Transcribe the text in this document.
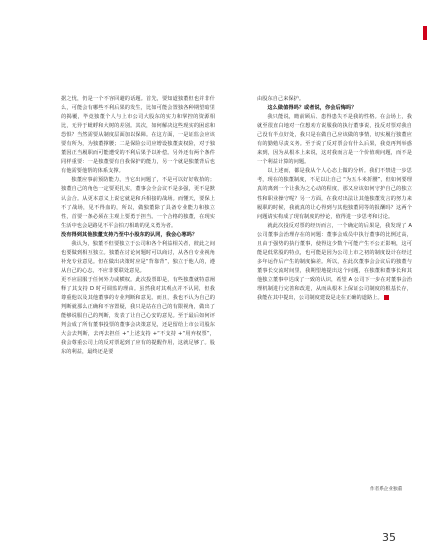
据之忧，仍是一个不容回避的话题。首先，要知道独董但也并非什么，可能会有哪些不利后果的发生，比如可能会置独各种期望暗里的揭覆，毕竟独董个人与上市公司大股东的实力和掌控的资源相比，无异于蚍蜉和大树的差别。其次，如何解决这些现实的困虑和恐惧？当然需要从制度层面加以保障。在这方面，一是证监会应该要有所为，为独董撑腰；二是保险公司应增设独董责权险，对于独董因正当履职而可能遭受的不利后果予以补偿。另外还有两个条件同样重要：一是独董要有自我保护的能力，另一个就是独董背后也有他需要他帮的体系支撑。

独董应事前预防能力，当它出问题了，不是可以好好收拾的；独董自己的角色一定要更扎实，董事会全会议不是多强，更不是默认会合。从更本意义上说它就是和兵相接的战场。而懂天，要保上不了战场，见不得血的，所以，做独董除了具备专业能力和独立性，首要一条必须在主观上要勇于担当。一个合格的独董，在现实生活中也会是路见不平会拍刀相助的见义勇为者。

没有得到其他独董支持乃至中小股东的认同，我会心寒吗？

我认为，独董不但要独立于公司和各个利益相关者，彼此之间也要做到相互独立。独董在讨论问题时可以商讨，从各自专业视角补充专业意见。但在做出决策时应是“背靠背”，独立于他人的，遵从自己的心志，不应非要联处意见。

更不应屈服于任何外力或横权。此次投票即是，有些独董就特意阐释了其支持 D 时可调监的理由。虽然我对其观点并不认同，但我尊重他以及其他董事的专业判断和意见。而且，我也不认为自己的判断就那么正确和不容置疑，我只是站在自己的有限视角，做出了能够说服自己的判断，发表了让自己心安的意见。至于最后如何评判会成了所有董事投票的董事会决策意见，还是留给上市公司股东大会去判断，去再去担任 +“上述支持 +“不支持 +“用弃权票”，我会尊重公司上的反对票起到了应有的提醒作用，这就足够了。股东的利益，最终还是要

由股东自己来保护。

这么做值得吗？或者说，你会后悔吗？

我只能说，瞻前顾后、患得患失不是我的性格。在会场上，我就至很直白地对一位想劝方说服我的执行董事说，投反对票对我自己没有半点好处，我只是在做自己应该做的事情，切实履行独董应有的勤勉尽责义务。至于说了反对票会有什么后果，我竟再判举惑来到，因为从根本上来说，这对我而言是一个价值观问题，而不是一个利益计算的问题。

以上述而，都是我从个人心态上做的分析。我们不禁进一步思考，现在的独董制度，不足以让自己 “为五斗米折腰”，但如何要理真的离到一个让我为之心动的程度，那又应该如何守护自己的独立性和职业操守呢？另一方面，在我对出法让其他独董发言的努力来履职的时候，我就真的让心得到与其他独董同等的报酬吗？这两个问题请实构成了现有制度的悖论，值得进一步思考和讨论。

就此次投反对票的经历而言，一个确定的后果是，我发现了 A 公司董事会治理存在的问题：董事会成员中执行董事的比例过高，且由于强势的执行董事，使得这少数个可能产生不公正影响，这可能是低常股的特点，也可能是因为公司上市之初的制度设计在经过多年运作后产生的制度偏差。所以，在此次董事会会议后的独董与董事长交流时间里，我期望地提出这个问题，在独董和董事长和其他独立董事中达成了一致的认识，希望 A 公司下一步在对董事会治理机制进行完善和改进，从而从根本上保证公司制度的根基长存，我能在其中提出，公司制度建设是走在正确的道路上。

作者系企业独董
35
